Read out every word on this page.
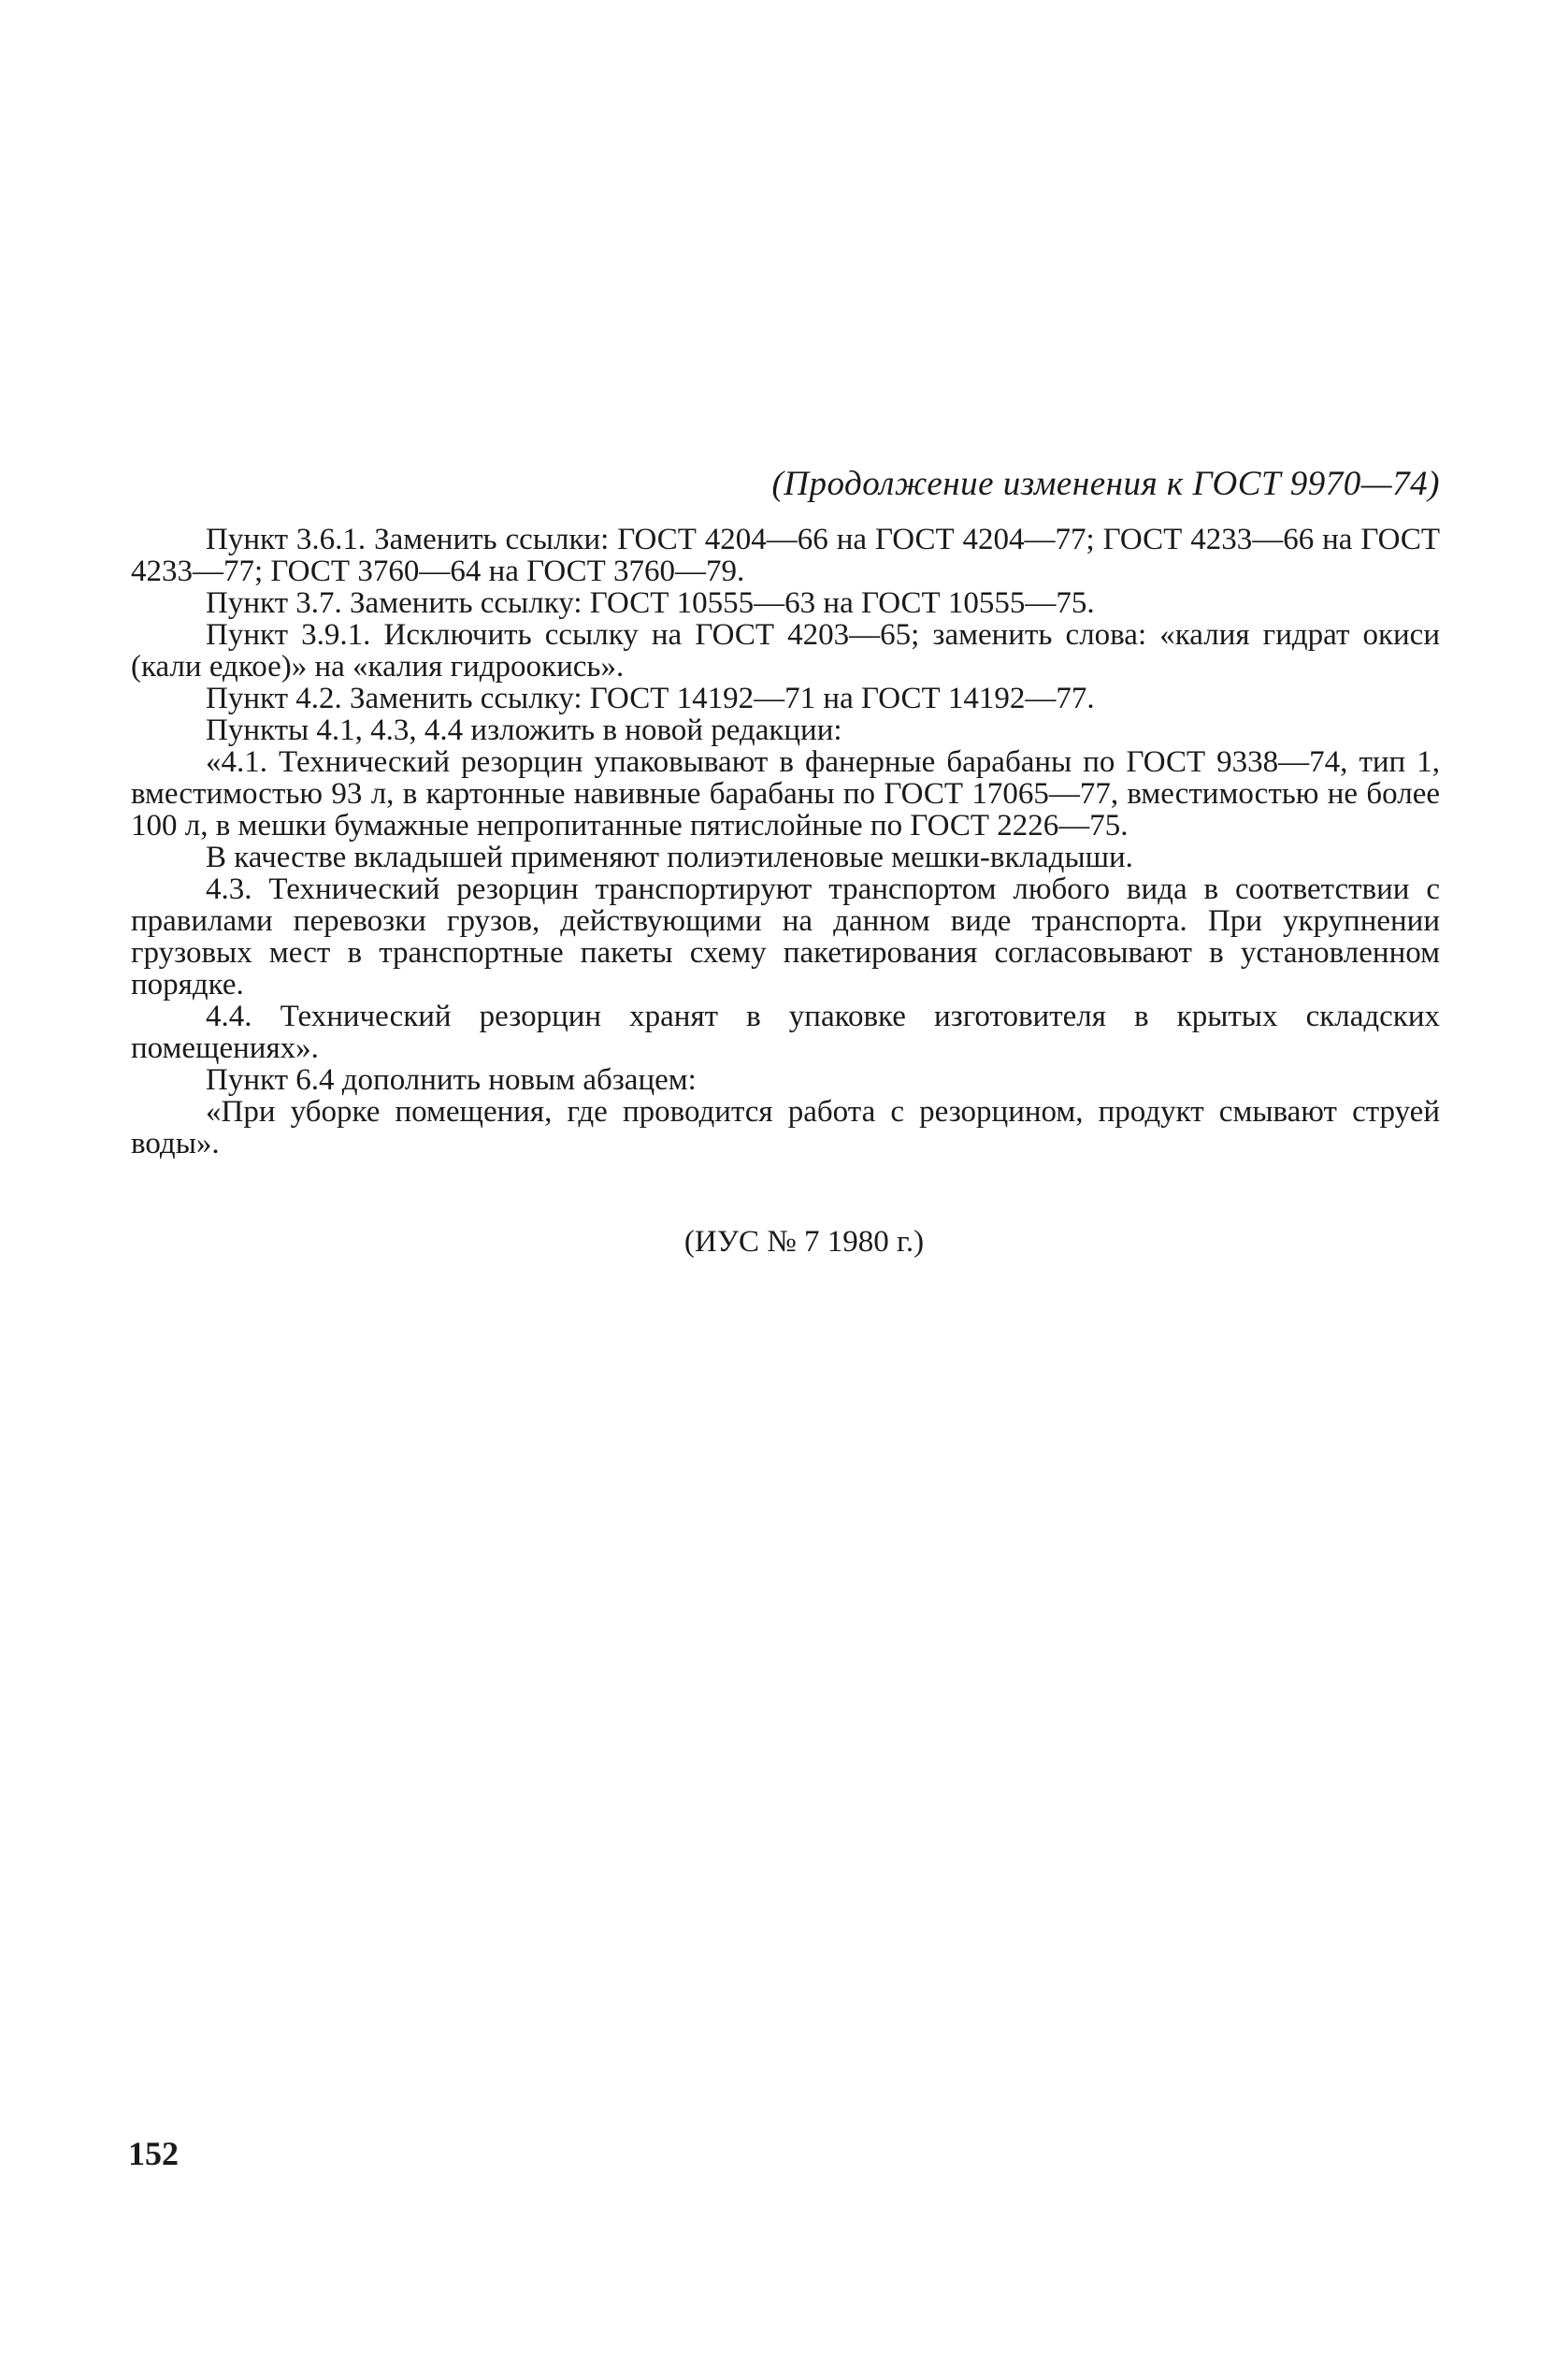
(Продолжение изменения к ГОСТ 9970—74)

Пункт 3.6.1. Заменить ссылки: ГОСТ 4204—66 на ГОСТ 4204—77; ГОСТ 4233—66 на ГОСТ 4233—77; ГОСТ 3760—64 на ГОСТ 3760—79.

Пункт 3.7. Заменить ссылку: ГОСТ 10555—63 на ГОСТ 10555—75.

Пункт 3.9.1. Исключить ссылку на ГОСТ 4203—65; заменить слова: «калия гидрат окиси (кали едкое)» на «калия гидроокись».

Пункт 4.2. Заменить ссылку: ГОСТ 14192—71 на ГОСТ 14192—77.

Пункты 4.1, 4.3, 4.4 изложить в новой редакции:

«4.1. Технический резорцин упаковывают в фанерные барабаны по ГОСТ 9338—74, тип 1, вместимостью 93 л, в картонные навивные барабаны по ГОСТ 17065—77, вместимостью не более 100 л, в мешки бумажные непропитанные пятислойные по ГОСТ 2226—75.

В качестве вкладышей применяют полиэтиленовые мешки-вкладыши.

4.3. Технический резорцин транспортируют транспортом любого вида в соответствии с правилами перевозки грузов, действующими на данном виде транспорта. При укрупнении грузовых мест в транспортные пакеты схему пакетирования согласовывают в установленном порядке.

4.4. Технический резорцин хранят в упаковке изготовителя в крытых складских помещениях».

Пункт 6.4 дополнить новым абзацем:

«При уборке помещения, где проводится работа с резорцином, продукт смывают струей воды».

(ИУС № 7 1980 г.)
152
